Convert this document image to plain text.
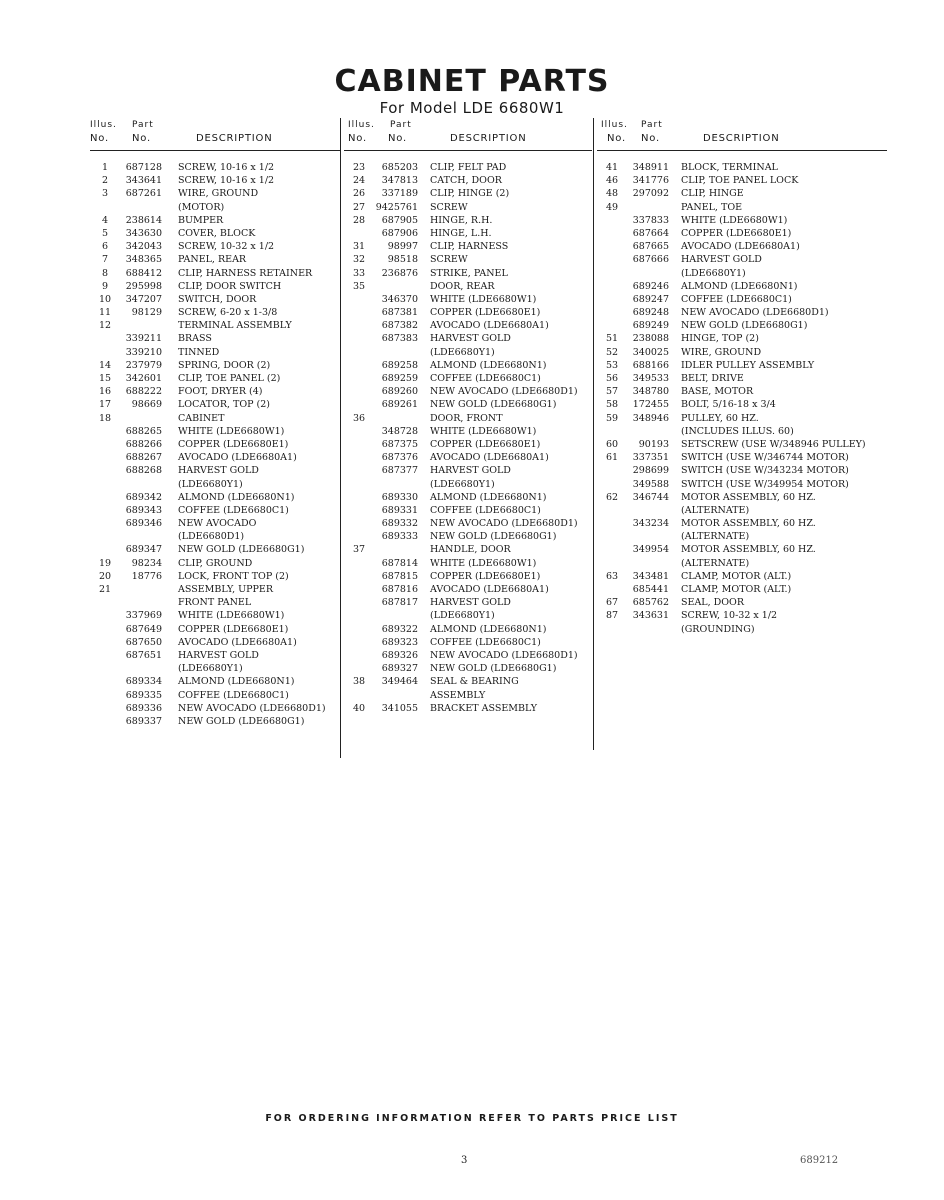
CABINET PARTS
For Model LDE 6680W1
Illus. Part
No. No.	DESCRIPTION
1	687128 SCREW, 10-16 x 1/2
2	343641 SCREW, 10-16 x 1/2
3	687261 WIRE, GROUND
(MOTOR)
4	238614 BUMPER
5	343630 COVER, BLOCK
6	342043 SCREW, 10-32 x 1/2
7	348365 PANEL, REAR
8	688412 CLIP, HARNESS RETAINER
9	295998 CLIP, DOOR SWITCH
10	347207 SWITCH, DOOR
11	98129 SCREW, 6-20 x 1-3/8
12	TERMINAL ASSEMBLY
339211 BRASS
339210 TINNED
14	237979 SPRING, DOOR (2)
15	342601 CLIP, TOE PANEL (2)
16	688222 FOOT, DRYER (4)
17	98669 LOCATOR, TOP (2)
18	CABINET
688265 WHITE (LDE6680W1)
688266 COPPER (LDE6680E1)
688267 AVOCADO (LDE6680A1)
688268 HARVEST GOLD
(LDE6680Y1)
689342 ALMOND (LDE6680N1)
689343 COFFEE (LDE6680C1)
689346 NEW AVOCADO
(LDE6680D1)
689347 NEW GOLD (LDE6680G1)
19	98234 CLIP, GROUND
20	18776 LOCK, FRONT TOP (2)
21	ASSEMBLY, UPPER
FRONT PANEL
337969 WHITE (LDE6680W1)
687649 COPPER (LDE6680E1)
687650 AVOCADO (LDE6680A1)
687651 HARVEST GOLD
(LDE6680Y1)
689334 ALMOND (LDE6680N1)
689335 COFFEE (LDE6680C1)
689336 NEW AVOCADO (LDE6680D1)
689337 NEW GOLD (LDE6680G1)
Illus. Part
No. No.	DESCRIPTION
23	685203 CLIP, FELT PAD
24	347813 CATCH, DOOR
26	337189 CLIP, HINGE (2)
27	9425761 SCREW
28	687905 HINGE, R.H.
687906 HINGE, L.H.
31	98997 CLIP, HARNESS
32	98518 SCREW
33	236876 STRIKE, PANEL
35	DOOR, REAR
346370 WHITE (LDE6680W1)
687381 COPPER (LDE6680E1)
687382 AVOCADO (LDE6680A1)
687383 HARVEST GOLD
(LDE6680Y1)
689258 ALMOND (LDE6680N1)
689259 COFFEE (LDE6680C1)
689260 NEW AVOCADO (LDE6680D1)
689261 NEW GOLD (LDE6680G1)
36	DOOR, FRONT
348728 WHITE (LDE6680W1)
687375 COPPER (LDE6680E1)
687376 AVOCADO (LDE6680A1)
687377 HARVEST GOLD
(LDE6680Y1)
689330 ALMOND (LDE6680N1)
689331 COFFEE (LDE6680C1)
689332 NEW AVOCADO (LDE6680D1)
689333 NEW GOLD (LDE6680G1)
37	HANDLE, DOOR
687814 WHITE (LDE6680W1)
687815 COPPER (LDE6680E1)
687816 AVOCADO (LDE6680A1)
687817 HARVEST GOLD
(LDE6680Y1)
689322 ALMOND (LDE6680N1)
689323 COFFEE (LDE6680C1)
689326 NEW AVOCADO (LDE6680D1)
689327 NEW GOLD (LDE6680G1)
38	349464 SEAL & BEARING
ASSEMBLY
40	341055 BRACKET ASSEMBLY
Illus. Part
No. No.	DESCRIPTION
41	348911 BLOCK, TERMINAL
46	341776 CLIP, TOE PANEL LOCK
48	297092 CLIP, HINGE
49	PANEL, TOE
337833 WHITE (LDE6680W1)
687664 COPPER (LDE6680E1)
687665 AVOCADO (LDE6680A1)
687666 HARVEST GOLD
(LDE6680Y1)
689246 ALMOND (LDE6680N1)
689247 COFFEE (LDE6680C1)
689248 NEW AVOCADO (LDE6680D1)
689249 NEW GOLD (LDE6680G1)
51	238088 HINGE, TOP (2)
52	340025 WIRE, GROUND
53	688166 IDLER PULLEY ASSEMBLY
56	349533 BELT, DRIVE
57	348780 BASE, MOTOR
58	172455 BOLT, 5/16-18 x 3/4
59	348946 PULLEY, 60 HZ.
(INCLUDES ILLUS. 60)
60	90193 SETSCREW (USE W/348946 PULLEY)
61	337351 SWITCH (USE W/346744 MOTOR)
298699 SWITCH (USE W/343234 MOTOR)
349588 SWITCH (USE W/349954 MOTOR)
62	346744 MOTOR ASSEMBLY, 60 HZ.
(ALTERNATE)
343234 MOTOR ASSEMBLY, 60 HZ.
(ALTERNATE)
349954 MOTOR ASSEMBLY, 60 HZ.
(ALTERNATE)
63	343481 CLAMP, MOTOR (ALT.)
685441 CLAMP, MOTOR (ALT.)
67	685762 SEAL, DOOR
87	343631 SCREW, 10-32 x 1/2
(GROUNDING)
FOR ORDERING INFORMATION REFER TO PARTS PRICE LIST
3	689212
